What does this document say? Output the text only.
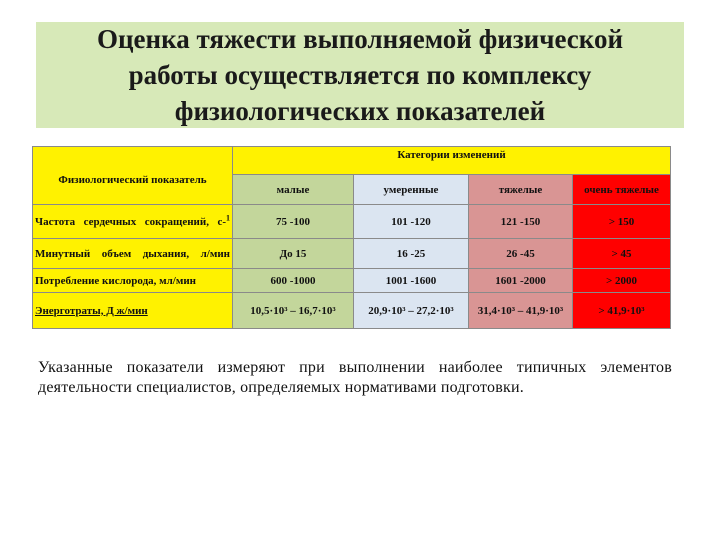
Оценка тяжести выполняемой физической
работы осуществляется по комплексу
физиологических показателей
Физиологический показатель	Категории изменений			
	малые	умеренные	тяжелые	очень тяжелые

Частота сердечных сокращений, с-$^1$	75 -100	101 -120	121 -150	˃ 150

Минутный объем дыхания, л/мин	До 15	16 -25	26 -45	˃ 45
Потребление кислорода, мл/мин	600 -1000	1001 -1600	1601 -2000	˃ 2000
Энерготраты, Д ж/мин	10,5·10³ – 16,7·10³	20,9·10³ – 27,2·10³	31,4·10³ – 41,9·10³	˃ 41,9·10³
Указанные показатели измеряют при выполнении наиболее типичных элементов деятельности специалистов, определяемых нормативами подготовки.
